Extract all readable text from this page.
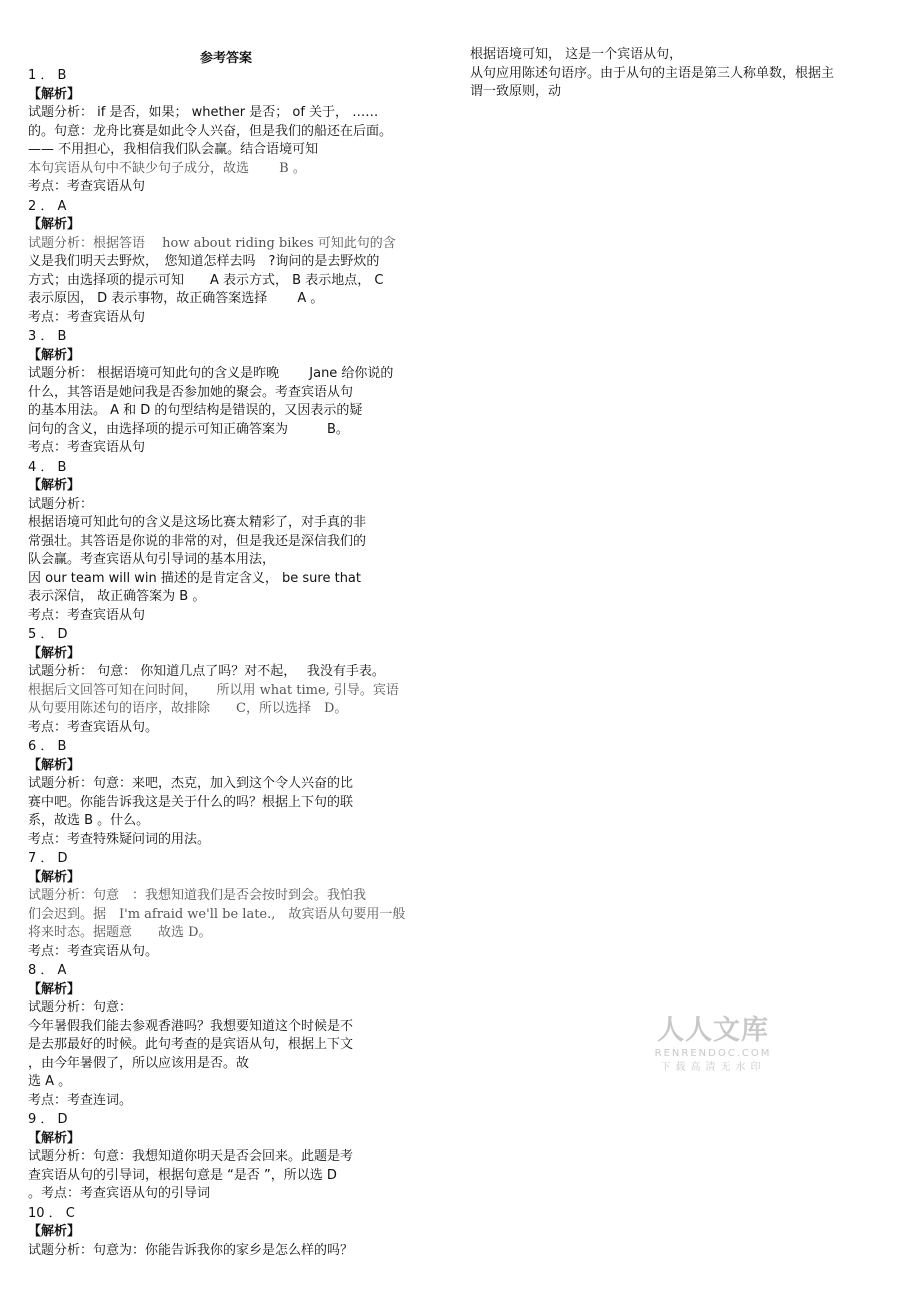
参考答案
1 ． B
【解析】
试题分析： if 是否，如果； whether 是否； of 关于， ……
的。句意：龙舟比赛是如此令人兴奋，但是我们的船还在后面。
—— 不用担心，我相信我们队会赢。结合语境可知
本句宾语从句中不缺少句子成分，故选　　 B 。
考点：考查宾语从句
2 ． A
【解析】
试题分析：根据答语　 how about riding bikes 可知此句的含
义是我们明天去野炊，　您知道怎样去吗　?询问的是去野炊的
方式；由选择项的提示可知　　A 表示方式， B 表示地点， C
表示原因， D 表示事物，故正确答案选择　　 A 。
考点：考查宾语从句
3 ． B
【解析】
试题分析： 根据语境可知此句的含义是昨晚　　 Jane 给你说的
什么，其答语是她问我是否参加她的聚会。考查宾语从句
的基本用法。 A 和 D 的句型结构是错误的，又因表示的疑
问句的含义，由选择项的提示可知正确答案为　　　B。
考点：考查宾语从句
4 ． B
【解析】
试题分析：
根据语境可知此句的含义是这场比赛太精彩了，对手真的非
常强壮。其答语是你说的非常的对，但是我还是深信我们的
队会赢。考查宾语从句引导词的基本用法，
因 our team will win 描述的是肯定含义， be sure that
表示深信， 故正确答案为 B 。
考点：考查宾语从句
5 ． D
【解析】
试题分析： 句意： 你知道几点了吗？对不起，　 我没有手表。
根据后文回答可知在问时间，　　所以用 what time, 引导。宾语
从句要用陈述句的语序，故排除　　C，所以选择　D。
考点：考查宾语从句。
6 ． B
【解析】
试题分析：句意：来吧，杰克，加入到这个令人兴奋的比
赛中吧。你能告诉我这是关于什么的吗？根据上下句的联
系，故选 B 。什么。
考点：考查特殊疑问词的用法。
7 ． D
【解析】
试题分析：句意　：我想知道我们是否会按时到会。我怕我
们会迟到。据　I'm afraid we'll be late.,　故宾语从句要用一般
将来时态。据题意　　故选 D。
考点：考查宾语从句。
8 ． A
【解析】
试题分析：句意：
今年暑假我们能去参观香港吗？我想要知道这个时候是不
是去那最好的时候。此句考查的是宾语从句，根据上下文
，由今年暑假了，所以应该用是否。故
选 A 。
考点：考查连词。
9 ． D
【解析】
试题分析：句意：我想知道你明天是否会回来。此题是考
查宾语从句的引导词，根据句意是 “是否 ”，所以选 D
。考点：考查宾语从句的引导词
10 ． C
【解析】
试题分析：句意为：你能告诉我你的家乡是怎么样的吗？
根据语境可知， 这是一个宾语从句，
从句应用陈述句语序。由于从句的主语是第三人称单数，根据主
谓一致原则，动
人人文库
RENRENDOC.COM
下载高清无水印
